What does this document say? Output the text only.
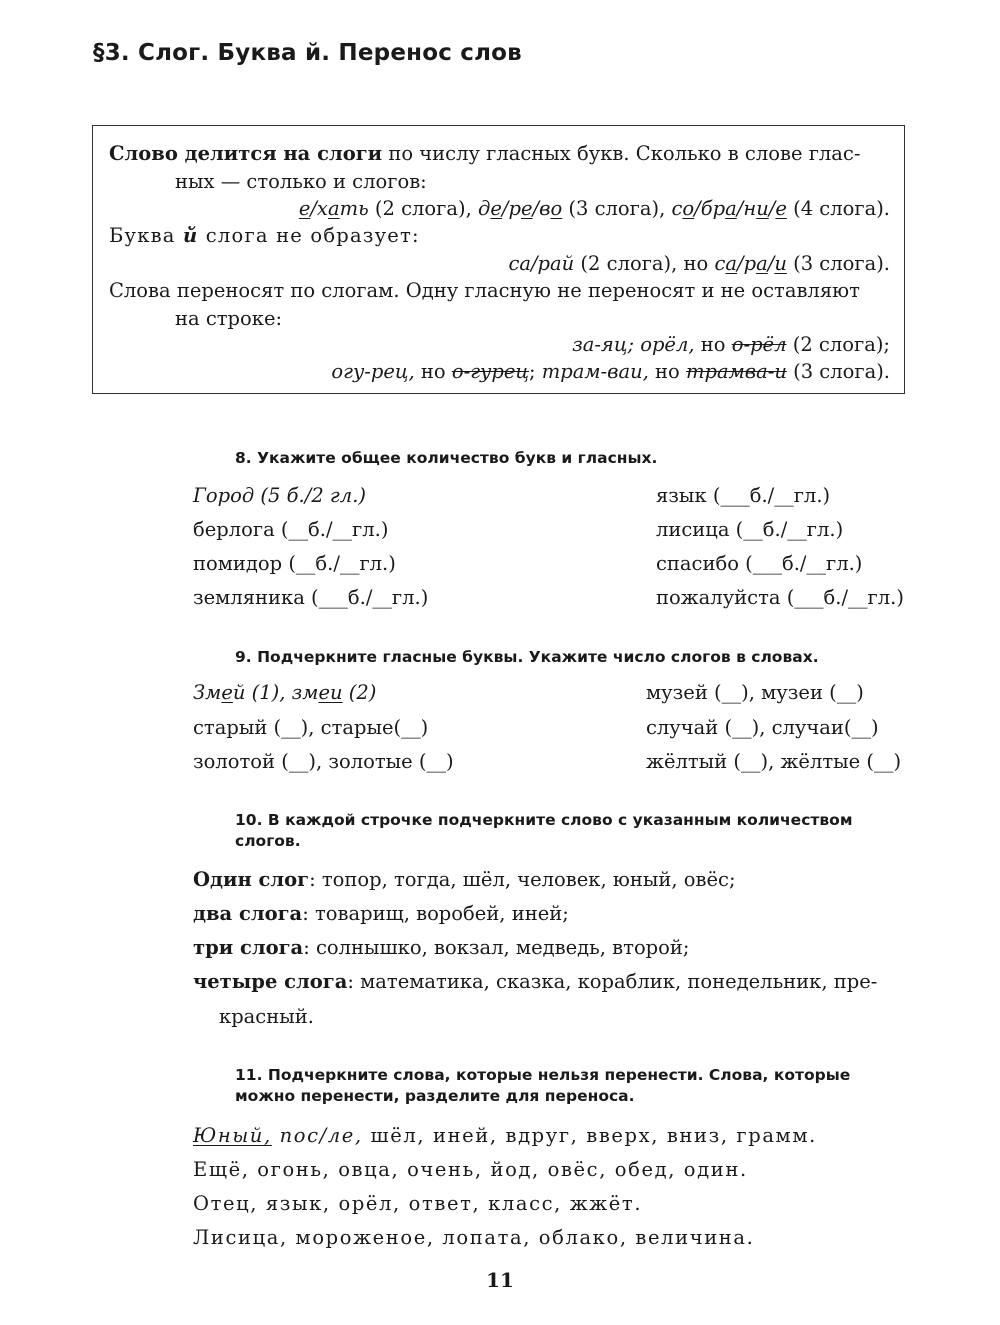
§3. Слог. Буква й. Перенос слов
Слово делится на слоги по числу гласных букв. Сколько в слове глас-
ных — столько и слогов:
е/хать (2 слога), де/ре/во (3 слога), со/бра/ни/е (4 слога).
Буква й слога не образует:
са/рай (2 слога), но са/ра/и (3 слога).
Слова переносят по слогам. Одну гласную не переносят и не оставляют
на строке:
за-яц; орёл, но о-рёл (2 слога);
огу-рец, но о-гурец; трам-ваи, но трамва-и (3 слога).

8. Укажите общее количество букв и гласных.

Город (5 б./2 гл.)
берлога (__б./__гл.)
помидор (__б./__гл.)
земляника (___б./__гл.)
язык (___б./__гл.)
лисица (__б./__гл.)
спасибо (___б./__гл.)
пожалуйста (___б./__гл.)

9. Подчеркните гласные буквы. Укажите число слогов в словах.

Змей (1), змеи (2)
старый (__), старые(__)
золотой (__), золотые (__)
музей (__), музеи (__)
случай (__), случаи(__)
жёлтый (__), жёлтые (__)

10. В каждой строчке подчеркните слово с указанным количеством слогов.

Один слог: топор, тогда, шёл, человек, юный, овёс;
два слога: товарищ, воробей, иней;
три слога: солнышко, вокзал, медведь, второй;
четыре слога: математика, сказка, кораблик, понедельник, пре-
красный.

11. Подчеркните слова, которые нельзя перенести. Слова, которые можно перенести, разделите для переноса.

Юный, пос/ле, шёл, иней, вдруг, вверх, вниз, грамм.
Ещё, огонь, овца, очень, йод, овёс, обед, один.
Отец, язык, орёл, ответ, класс, жжёт.
Лисица, мороженое, лопата, облако, величина.
11
